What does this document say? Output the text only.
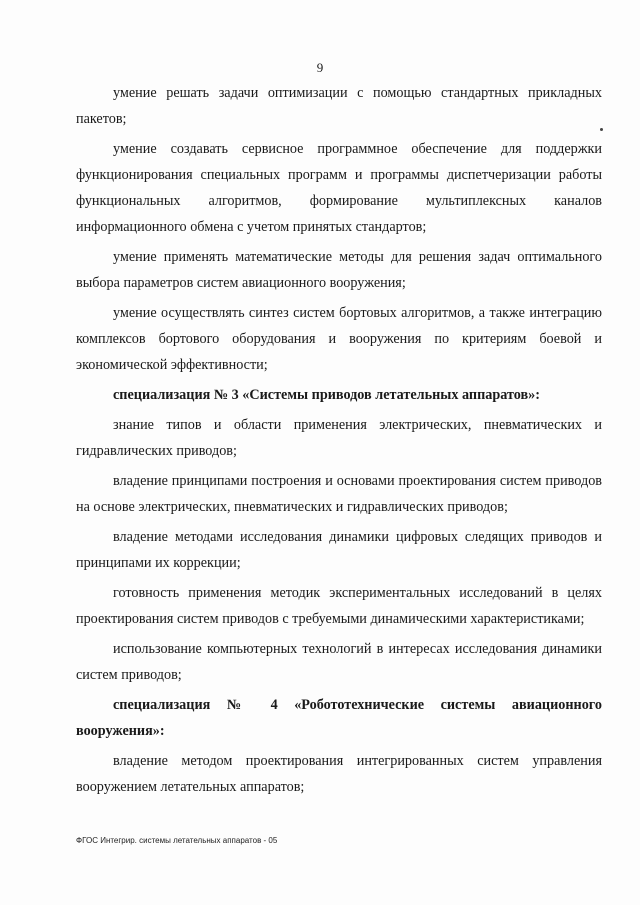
9

умение решать задачи оптимизации с помощью стандартных прикладных пакетов;

умение создавать сервисное программное обеспечение для поддержки функционирования специальных программ и программы диспетчеризации работы функциональных алгоритмов, формирование мультиплексных каналов информационного обмена с учетом принятых стандартов;

умение применять математические методы для решения задач оптимального выбора параметров систем авиационного вооружения;

умение осуществлять синтез систем бортовых алгоритмов, а также интеграцию комплексов бортового оборудования и вооружения по критериям боевой и экономической эффективности;

специализация № 3 «Системы приводов летательных аппаратов»:

знание типов и области применения электрических, пневматических и гидравлических приводов;

владение принципами построения и основами проектирования систем приводов на основе электрических, пневматических и гидравлических приводов;

владение методами исследования динамики цифровых следящих приводов и принципами их коррекции;

готовность применения методик экспериментальных исследований в целях проектирования систем приводов с требуемыми динамическими характеристиками;

использование компьютерных технологий в интересах исследования динамики систем приводов;

специализация № 4 «Робототехнические системы авиационного вооружения»:

владение методом проектирования интегрированных систем управления вооружением летательных аппаратов;

ФГОС Интегрир. системы летательных аппаратов - 05
